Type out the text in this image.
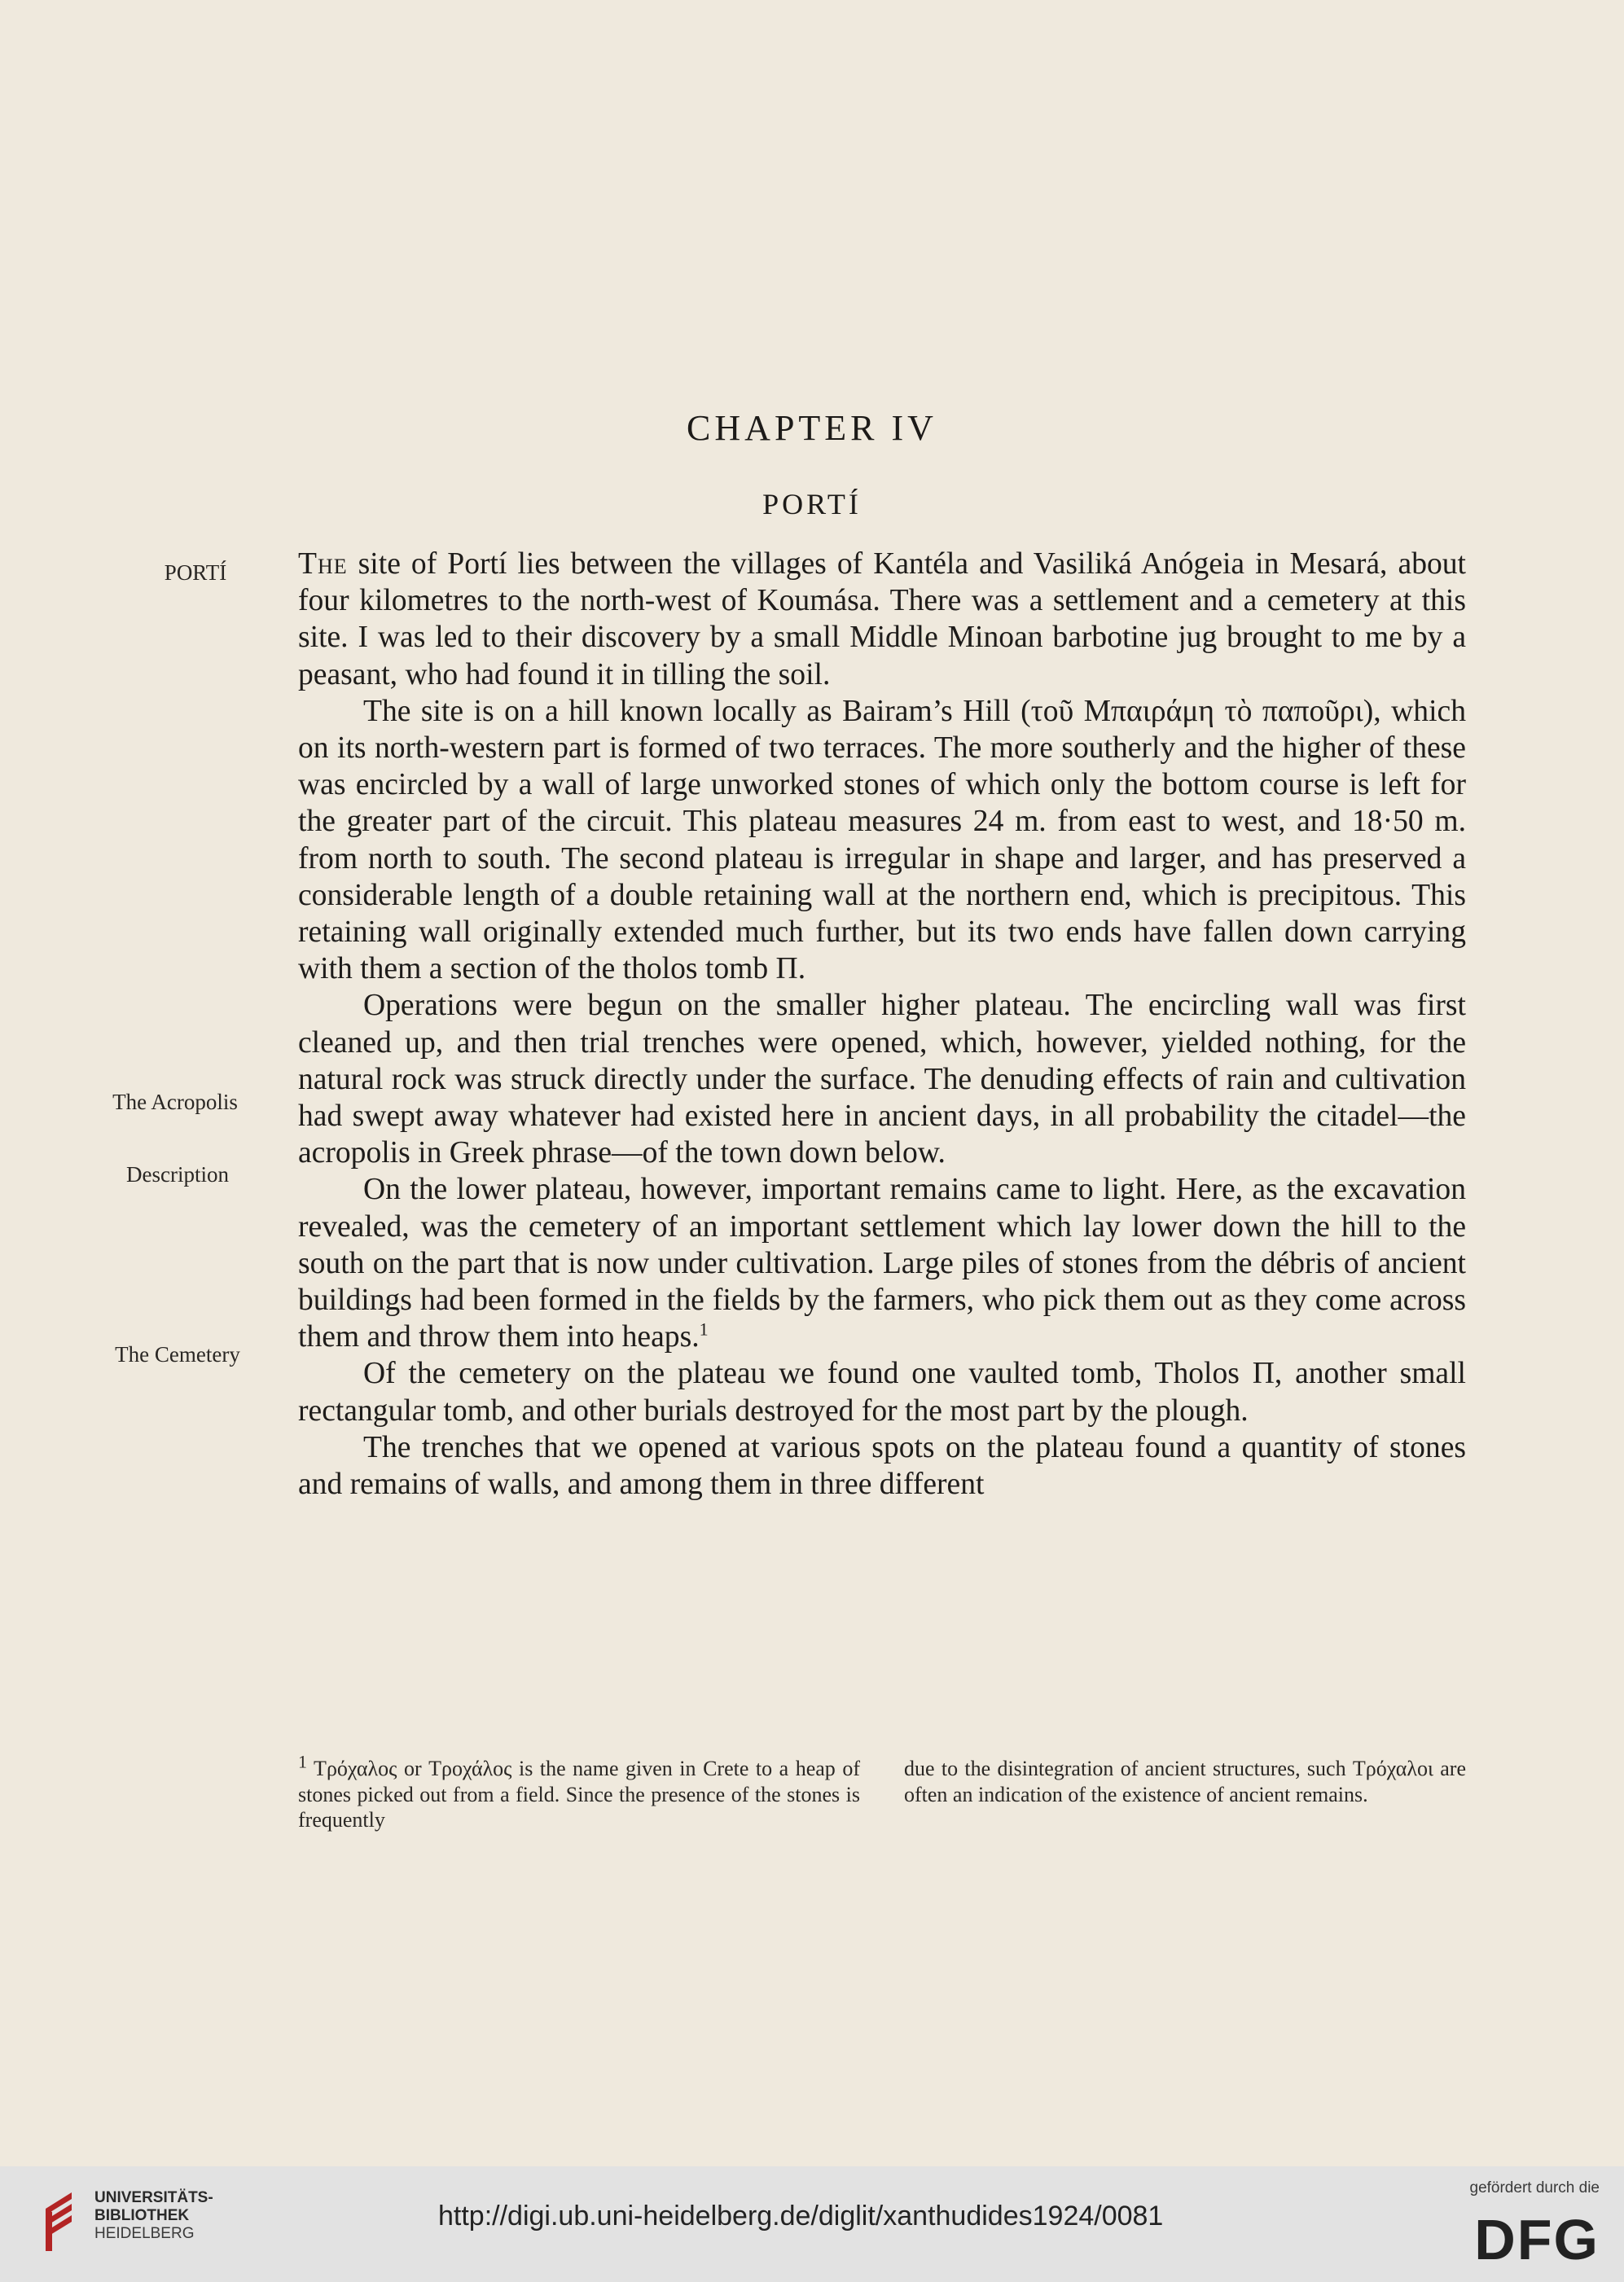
CHAPTER IV
PORTÍ
PORTÍ
The Acropolis
Description
The Cemetery

The site of Portí lies between the villages of Kantéla and Vasiliká Anógeia in Mesará, about four kilometres to the north-west of Koumása. There was a settlement and a cemetery at this site. I was led to their discovery by a small Middle Minoan barbotine jug brought to me by a peasant, who had found it in tilling the soil.

The site is on a hill known locally as Bairam’s Hill (τοῦ Μπαιράμη τὸ παποῦρι), which on its north-western part is formed of two terraces. The more southerly and the higher of these was encircled by a wall of large unworked stones of which only the bottom course is left for the greater part of the circuit. This plateau measures 24 m. from east to west, and 18·50 m. from north to south. The second plateau is irregular in shape and larger, and has preserved a considerable length of a double retaining wall at the northern end, which is precipitous. This retaining wall originally extended much further, but its two ends have fallen down carrying with them a section of the tholos tomb Π.

Operations were begun on the smaller higher plateau. The encircling wall was first cleaned up, and then trial trenches were opened, which, however, yielded nothing, for the natural rock was struck directly under the surface. The denuding effects of rain and cultivation had swept away whatever had existed here in ancient days, in all probability the citadel—the acropolis in Greek phrase—of the town down below.

On the lower plateau, however, important remains came to light. Here, as the excavation revealed, was the cemetery of an important settlement which lay lower down the hill to the south on the part that is now under cultivation. Large piles of stones from the débris of ancient buildings had been formed in the fields by the farmers, who pick them out as they come across them and throw them into heaps.$^1$

Of the cemetery on the plateau we found one vaulted tomb, Tholos Π, another small rectangular tomb, and other burials destroyed for the most part by the plough.

The trenches that we opened at various spots on the plateau found a quantity of stones and remains of walls, and among them in three different

$^1$ Τρόχαλος or Τροχάλος is the name given in Crete to a heap of stones picked out from a field. Since the presence of the stones is frequently
due to the disintegration of ancient structures, such Τρόχαλοι are often an indication of the existence of ancient remains.
UNIVERSITÄTS-
BIBLIOTHEK
HEIDELBERG
http://digi.ub.uni-heidelberg.de/diglit/xanthudides1924/0081
gefördert durch die
DFG
